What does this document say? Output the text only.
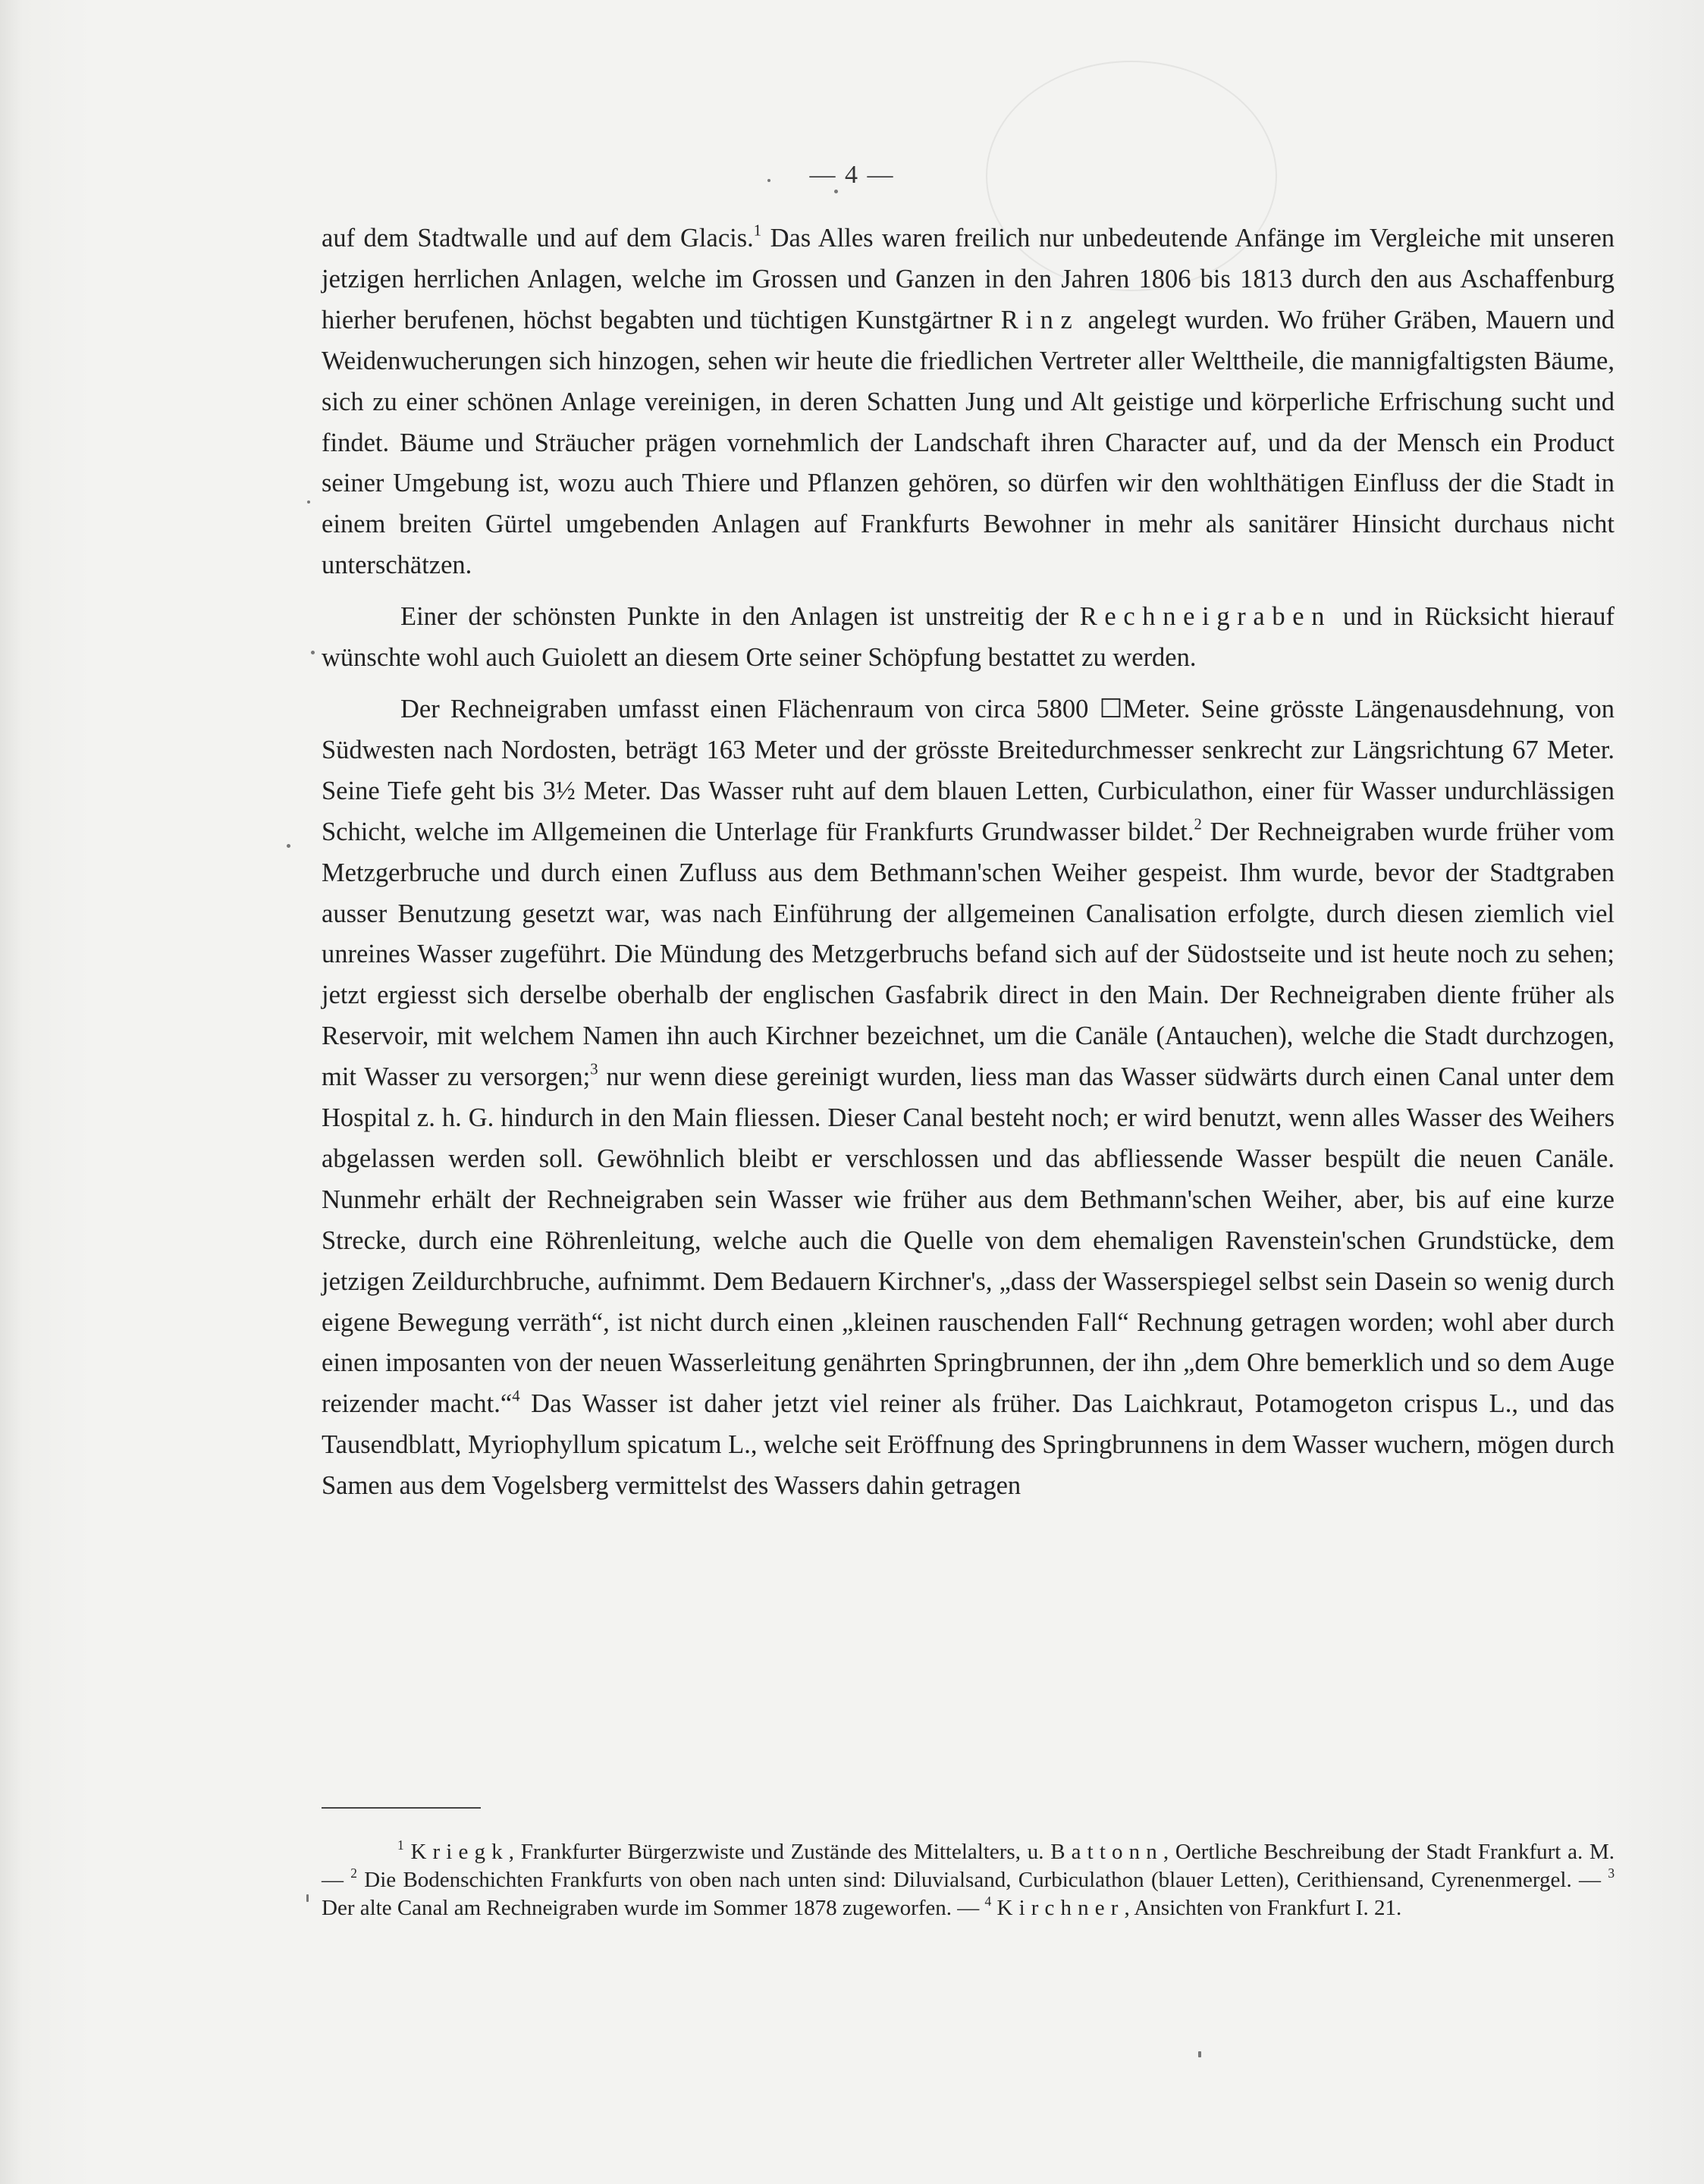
— 4 —

auf dem Stadtwalle und auf dem Glacis.$^1$ Das Alles waren freilich nur unbedeutende Anfänge im Vergleiche mit unseren jetzigen herrlichen Anlagen, welche im Grossen und Ganzen in den Jahren 1806 bis 1813 durch den aus Aschaffenburg hierher berufenen, höchst begabten und tüchtigen Kunstgärtner Rinz angelegt wurden. Wo früher Gräben, Mauern und Weidenwucherungen sich hinzogen, sehen wir heute die friedlichen Vertreter aller Welttheile, die mannigfaltigsten Bäume, sich zu einer schönen Anlage vereinigen, in deren Schatten Jung und Alt geistige und körperliche Erfrischung sucht und findet. Bäume und Sträucher prägen vornehmlich der Landschaft ihren Character auf, und da der Mensch ein Product seiner Umgebung ist, wozu auch Thiere und Pflanzen gehören, so dürfen wir den wohlthätigen Einfluss der die Stadt in einem breiten Gürtel umgebenden Anlagen auf Frankfurts Bewohner in mehr als sanitärer Hinsicht durchaus nicht unterschätzen.

Einer der schönsten Punkte in den Anlagen ist unstreitig der Rechneigraben und in Rücksicht hierauf wünschte wohl auch Guiolett an diesem Orte seiner Schöpfung bestattet zu werden.

Der Rechneigraben umfasst einen Flächenraum von circa 5800 ☐Meter. Seine grösste Längenausdehnung, von Südwesten nach Nordosten, beträgt 163 Meter und der grösste Breitedurchmesser senkrecht zur Längsrichtung 67 Meter. Seine Tiefe geht bis 3½ Meter. Das Wasser ruht auf dem blauen Letten, Curbiculathon, einer für Wasser undurchlässigen Schicht, welche im Allgemeinen die Unterlage für Frankfurts Grundwasser bildet.$^2$ Der Rechneigraben wurde früher vom Metzgerbruche und durch einen Zufluss aus dem Bethmann'schen Weiher gespeist. Ihm wurde, bevor der Stadtgraben ausser Benutzung gesetzt war, was nach Einführung der allgemeinen Canalisation erfolgte, durch diesen ziemlich viel unreines Wasser zugeführt. Die Mündung des Metzgerbruchs befand sich auf der Südostseite und ist heute noch zu sehen; jetzt ergiesst sich derselbe oberhalb der englischen Gasfabrik direct in den Main. Der Rechneigraben diente früher als Reservoir, mit welchem Namen ihn auch Kirchner bezeichnet, um die Canäle (Antauchen), welche die Stadt durchzogen, mit Wasser zu versorgen;$^3$ nur wenn diese gereinigt wurden, liess man das Wasser südwärts durch einen Canal unter dem Hospital z. h. G. hindurch in den Main fliessen. Dieser Canal besteht noch; er wird benutzt, wenn alles Wasser des Weihers abgelassen werden soll. Gewöhnlich bleibt er verschlossen und das abfliessende Wasser bespült die neuen Canäle. Nunmehr erhält der Rechneigraben sein Wasser wie früher aus dem Bethmann'schen Weiher, aber, bis auf eine kurze Strecke, durch eine Röhrenleitung, welche auch die Quelle von dem ehemaligen Ravenstein'schen Grundstücke, dem jetzigen Zeildurchbruche, aufnimmt. Dem Bedauern Kirchner's, „dass der Wasserspiegel selbst sein Dasein so wenig durch eigene Bewegung verräth“, ist nicht durch einen „kleinen rauschenden Fall“ Rechnung getragen worden; wohl aber durch einen imposanten von der neuen Wasserleitung genährten Springbrunnen, der ihn „dem Ohre bemerklich und so dem Auge reizender macht.“$^4$ Das Wasser ist daher jetzt viel reiner als früher. Das Laichkraut, Potamogeton crispus L., und das Tausendblatt, Myriophyllum spicatum L., welche seit Eröffnung des Springbrunnens in dem Wasser wuchern, mögen durch Samen aus dem Vogelsberg vermittelst des Wassers dahin getragen

$^1$ Kriegk, Frankfurter Bürgerzwiste und Zustände des Mittelalters, u. Battonn, Oertliche Beschreibung der Stadt Frankfurt a. M. — $^2$ Die Bodenschichten Frankfurts von oben nach unten sind: Diluvialsand, Curbiculathon (blauer Letten), Cerithiensand, Cyrenenmergel. — $^3$ Der alte Canal am Rechneigraben wurde im Sommer 1878 zugeworfen. — $^4$ Kirchner, Ansichten von Frankfurt I. 21.
